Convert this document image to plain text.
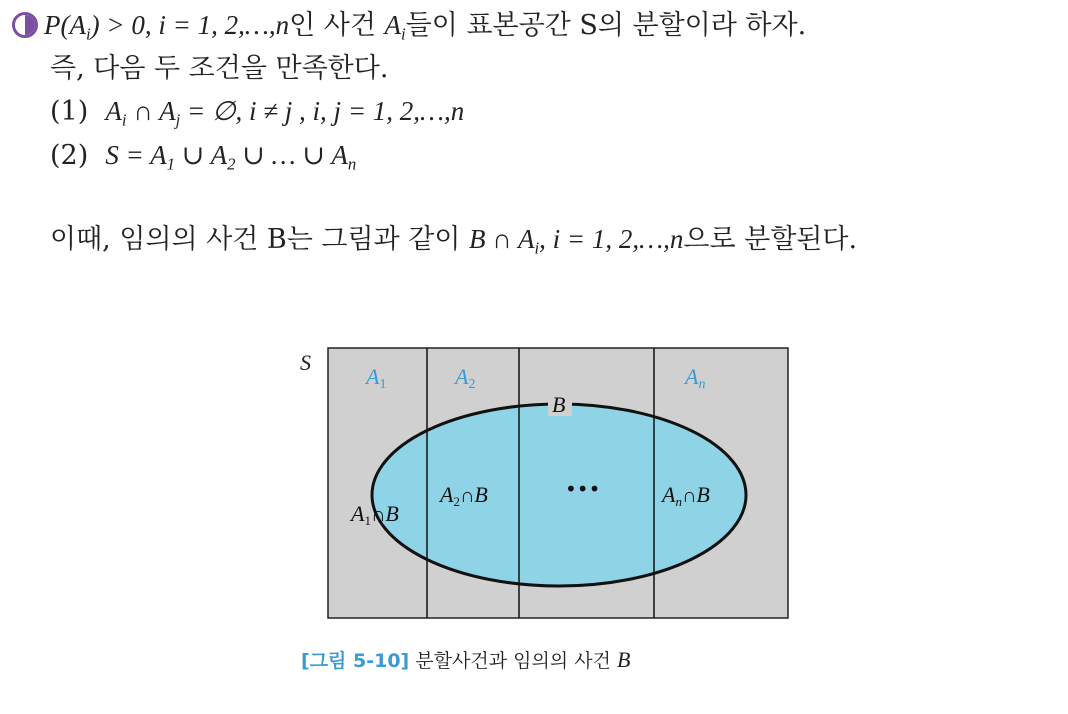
$P(A_i) > 0$, i = 1, 2,…,n인 사건 $A_i$들이 표본공간 S의 분할이라 하자.
즉, 다음 두 조건을 만족한다.
(1) $A_i$ ∩ $A_j$ = ∅, i ≠ j , i, j = 1, 2,…,n
(2) $S = A_1$ ∪ $A_2$ ∪ … ∪ $A_n$
이때, 임의의 사건 B는 그림과 같이 B ∩ $A_i$, i = 1, 2,…,n으로 분할된다.
S
A1	A2	An
B
A1∩B
A2∩B	•••	An∩B
[그림 5-10] 분할사건과 임의의 사건 B
